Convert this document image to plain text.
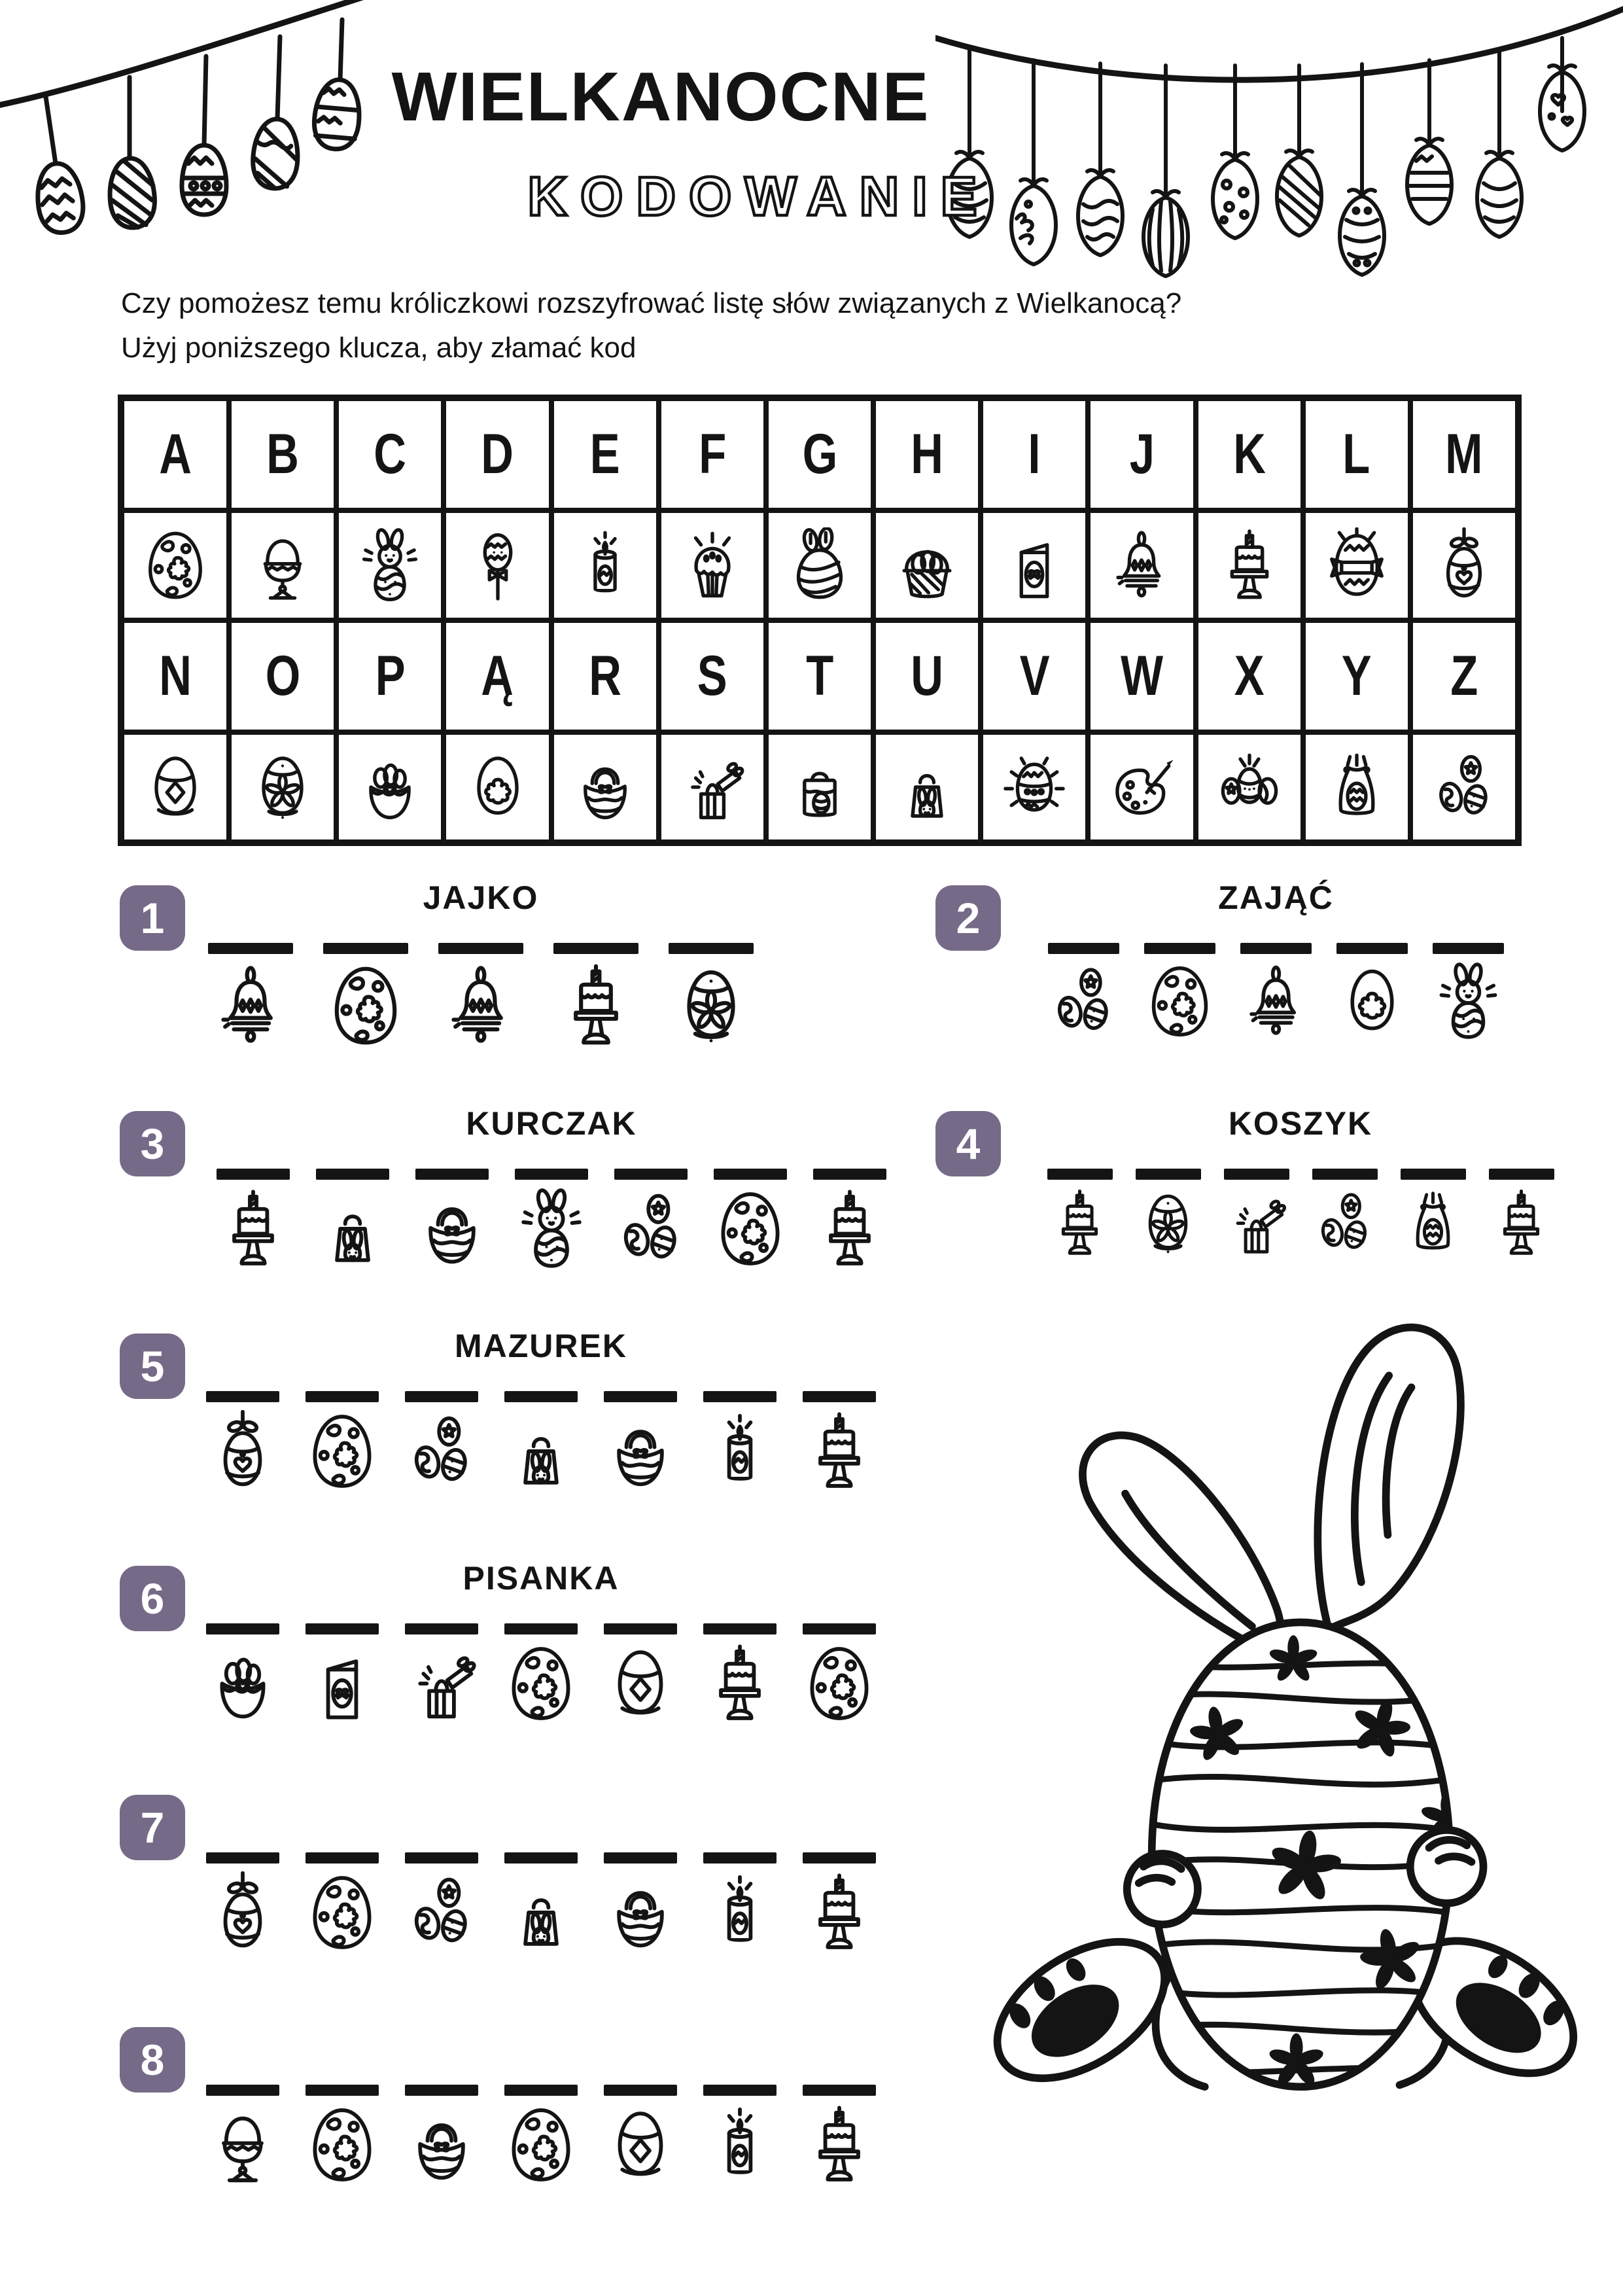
WIELKANOCNE
KODOWANIE
Czy pomożesz temu króliczkowi rozszyfrować listę słów związanych z Wielkanocą?
Użyj poniższego klucza, aby złamać kod
A B C D E F G H I J K L M
N O P Ą R S T U V W X Y Z
1	JAJKO	2	ZAJĄĆ
3	KURCZAK	4	KOSZYK
5	MAZUREK
6	PISANKA
7
8
